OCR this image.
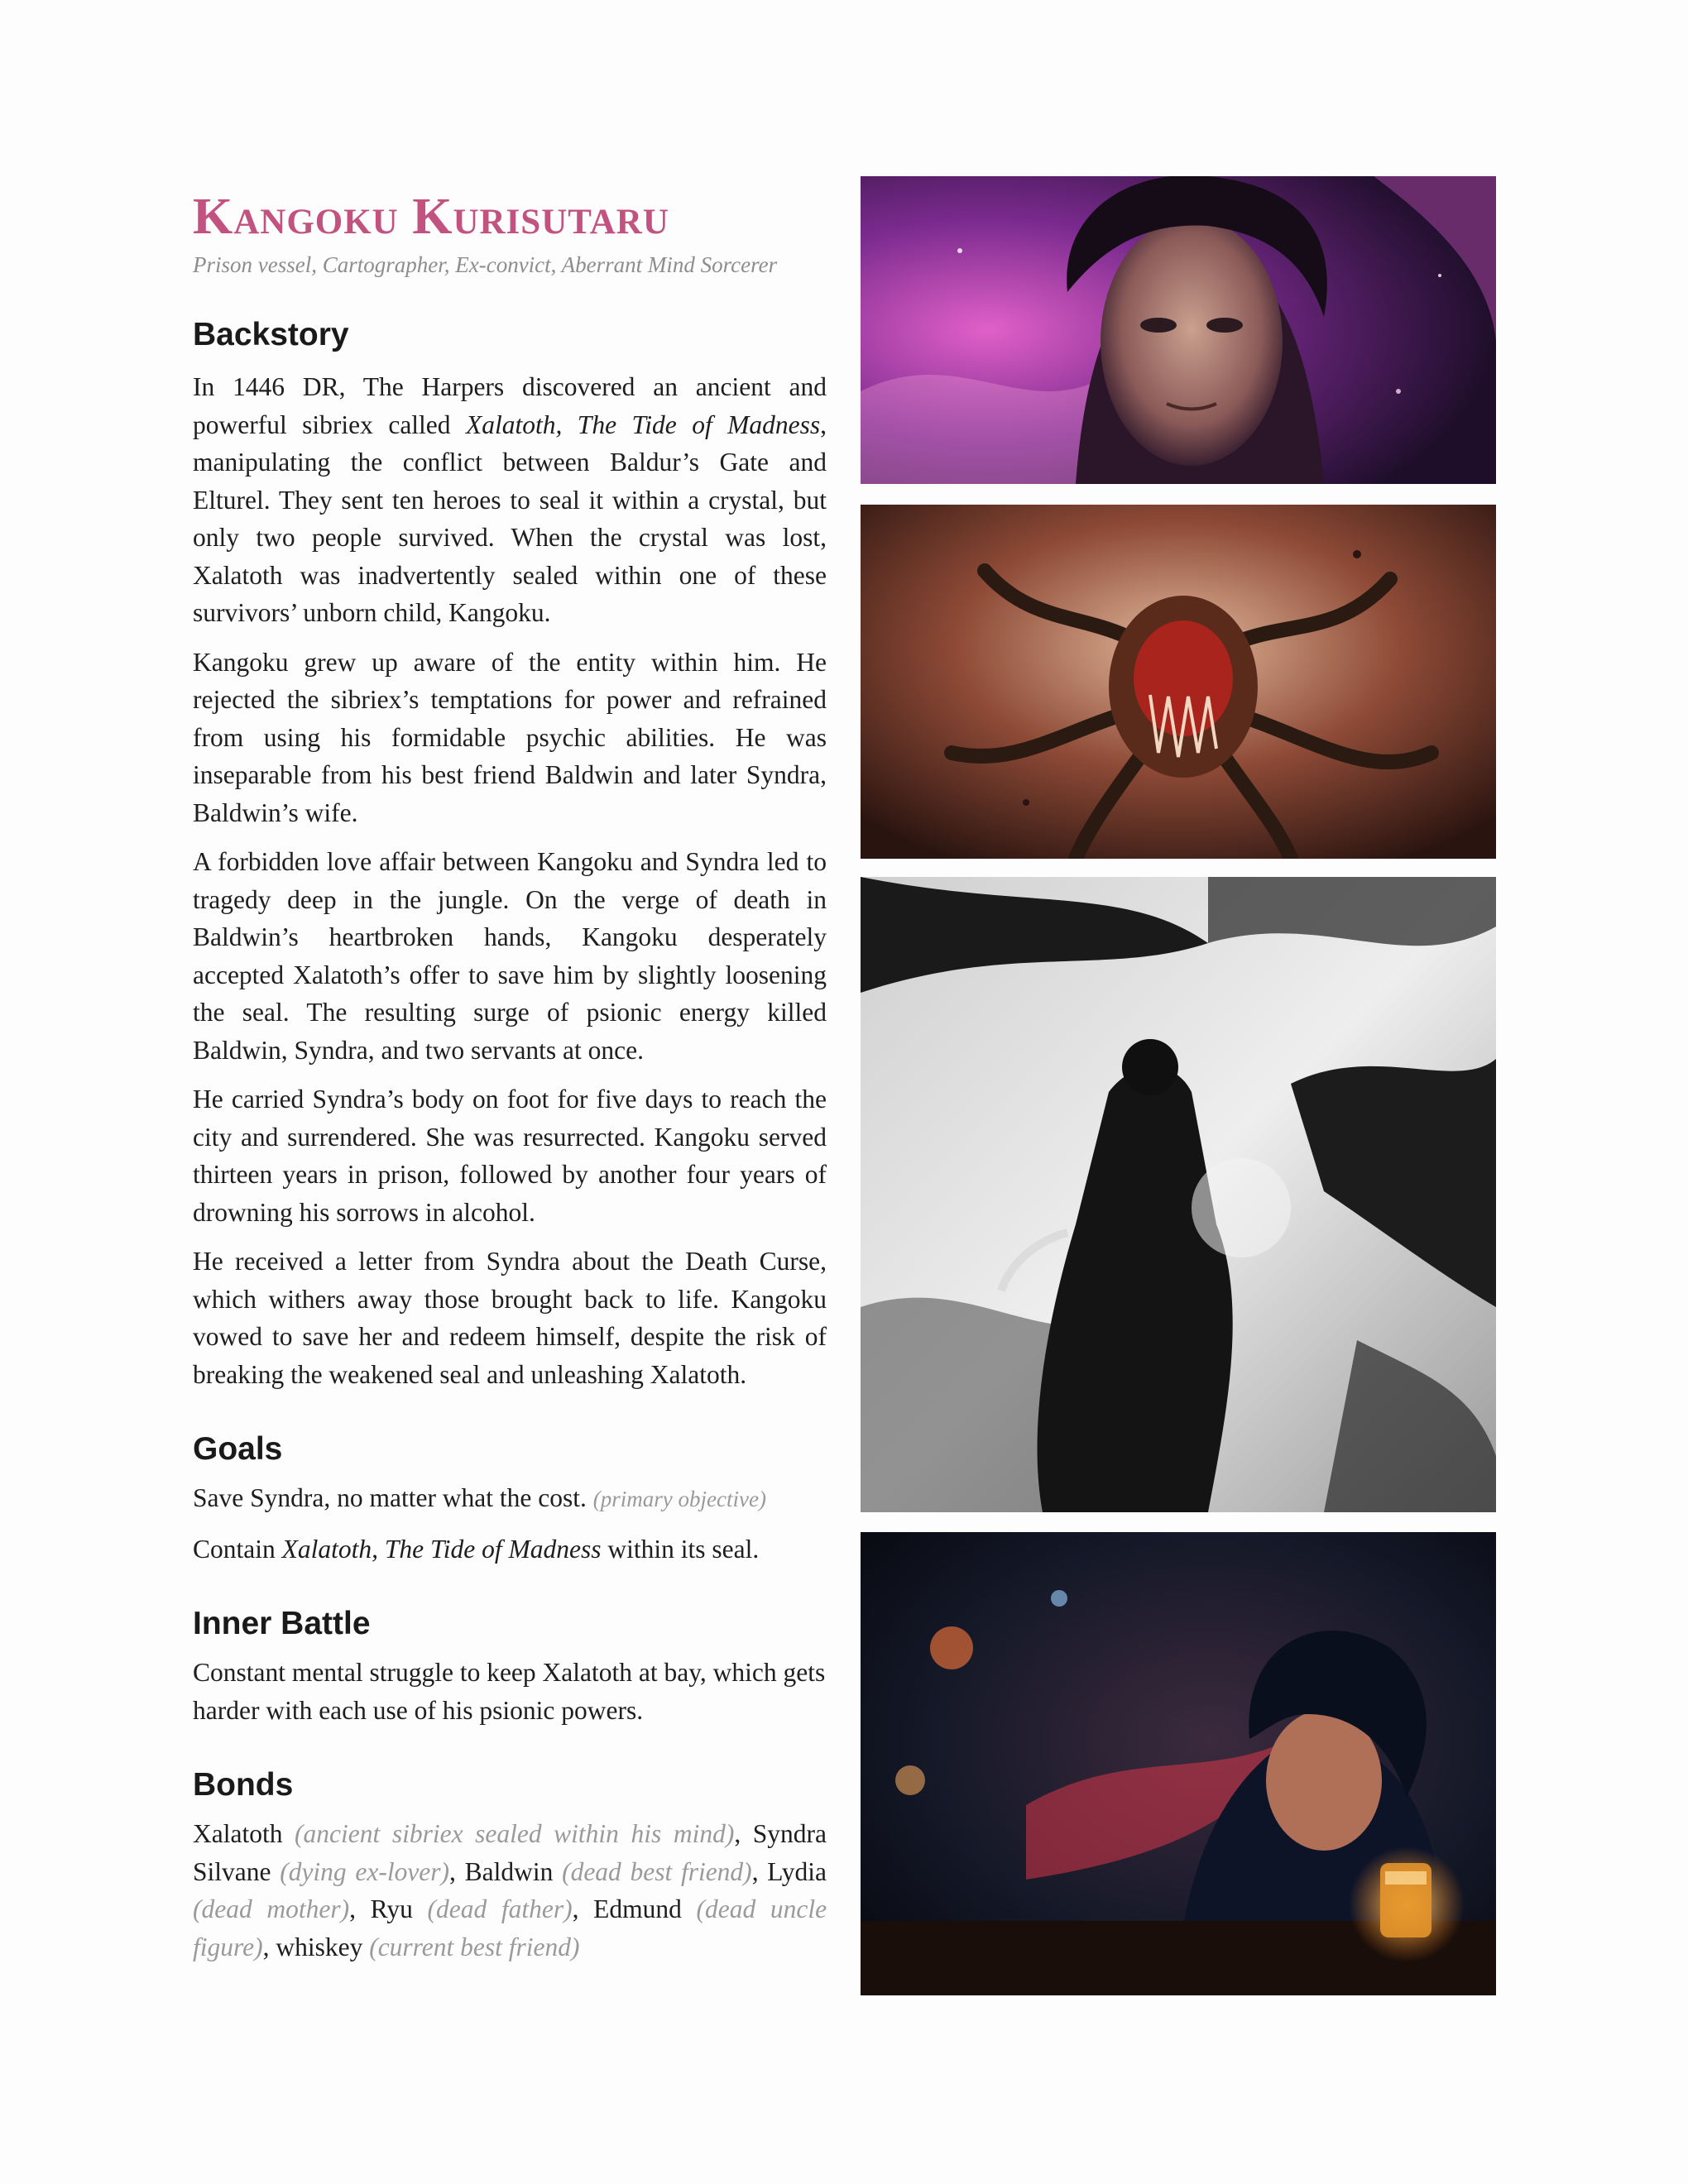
Kangoku Kurisutaru

Prison vessel, Cartographer, Ex-convict, Aberrant Mind Sorcerer

Backstory

In 1446 DR, The Harpers discovered an ancient and powerful sibriex called Xalatoth, The Tide of Madness, manipulating the conflict between Baldur’s Gate and Elturel. They sent ten heroes to seal it within a crystal, but only two people survived. When the crystal was lost, Xalatoth was inadvertently sealed within one of these survivors’ unborn child, Kangoku.

Kangoku grew up aware of the entity within him. He rejected the sibriex’s temptations for power and refrained from using his formidable psychic abilities. He was inseparable from his best friend Baldwin and later Syndra, Baldwin’s wife.

A forbidden love affair between Kangoku and Syndra led to tragedy deep in the jungle. On the verge of death in Baldwin’s heartbroken hands, Kangoku desperately accepted Xalatoth’s offer to save him by slightly loosening the seal. The resulting surge of psionic energy killed Baldwin, Syndra, and two servants at once.

He carried Syndra’s body on foot for five days to reach the city and surrendered. She was resurrected. Kangoku served thirteen years in prison, followed by another four years of drowning his sorrows in alcohol.

He received a letter from Syndra about the Death Curse, which withers away those brought back to life. Kangoku vowed to save her and redeem himself, despite the risk of breaking the weakened seal and unleashing Xalatoth.

Goals

Save Syndra, no matter what the cost. (primary objective)

Contain Xalatoth, The Tide of Madness within its seal.

Inner Battle

Constant mental struggle to keep Xalatoth at bay, which gets harder with each use of his psionic powers.

Bonds

Xalatoth (ancient sibriex sealed within his mind), Syndra Silvane (dying ex-lover), Baldwin (dead best friend), Lydia (dead mother), Ryu (dead father), Edmund (dead uncle figure), whiskey (current best friend)
